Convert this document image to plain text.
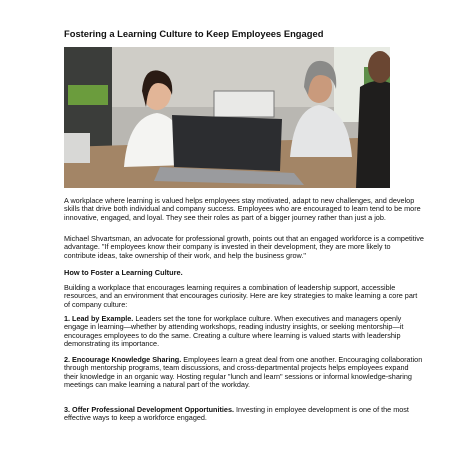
Fostering a Learning Culture to Keep Employees Engaged

A workplace where learning is valued helps employees stay motivated, adapt to new challenges, and develop skills that drive both individual and company success. Employees who are encouraged to learn tend to be more innovative, engaged, and loyal. They see their roles as part of a bigger journey rather than just a job.

Michael Shvartsman, an advocate for professional growth, points out that an engaged workforce is a competitive advantage. "If employees know their company is invested in their development, they are more likely to contribute ideas, take ownership of their work, and help the business grow."

How to Foster a Learning Culture.

Building a workplace that encourages learning requires a combination of leadership support, accessible resources, and an environment that encourages curiosity. Here are key strategies to make learning a core part of company culture:

1. Lead by Example. Leaders set the tone for workplace culture. When executives and managers openly engage in learning—whether by attending workshops, reading industry insights, or seeking mentorship—it encourages employees to do the same. Creating a culture where learning is valued starts with leadership demonstrating its importance.

2. Encourage Knowledge Sharing. Employees learn a great deal from one another. Encouraging collaboration through mentorship programs, team discussions, and cross-departmental projects helps employees expand their knowledge in an organic way. Hosting regular "lunch and learn" sessions or informal knowledge-sharing meetings can make learning a natural part of the workday.

3. Offer Professional Development Opportunities. Investing in employee development is one of the most effective ways to keep a workforce engaged.
